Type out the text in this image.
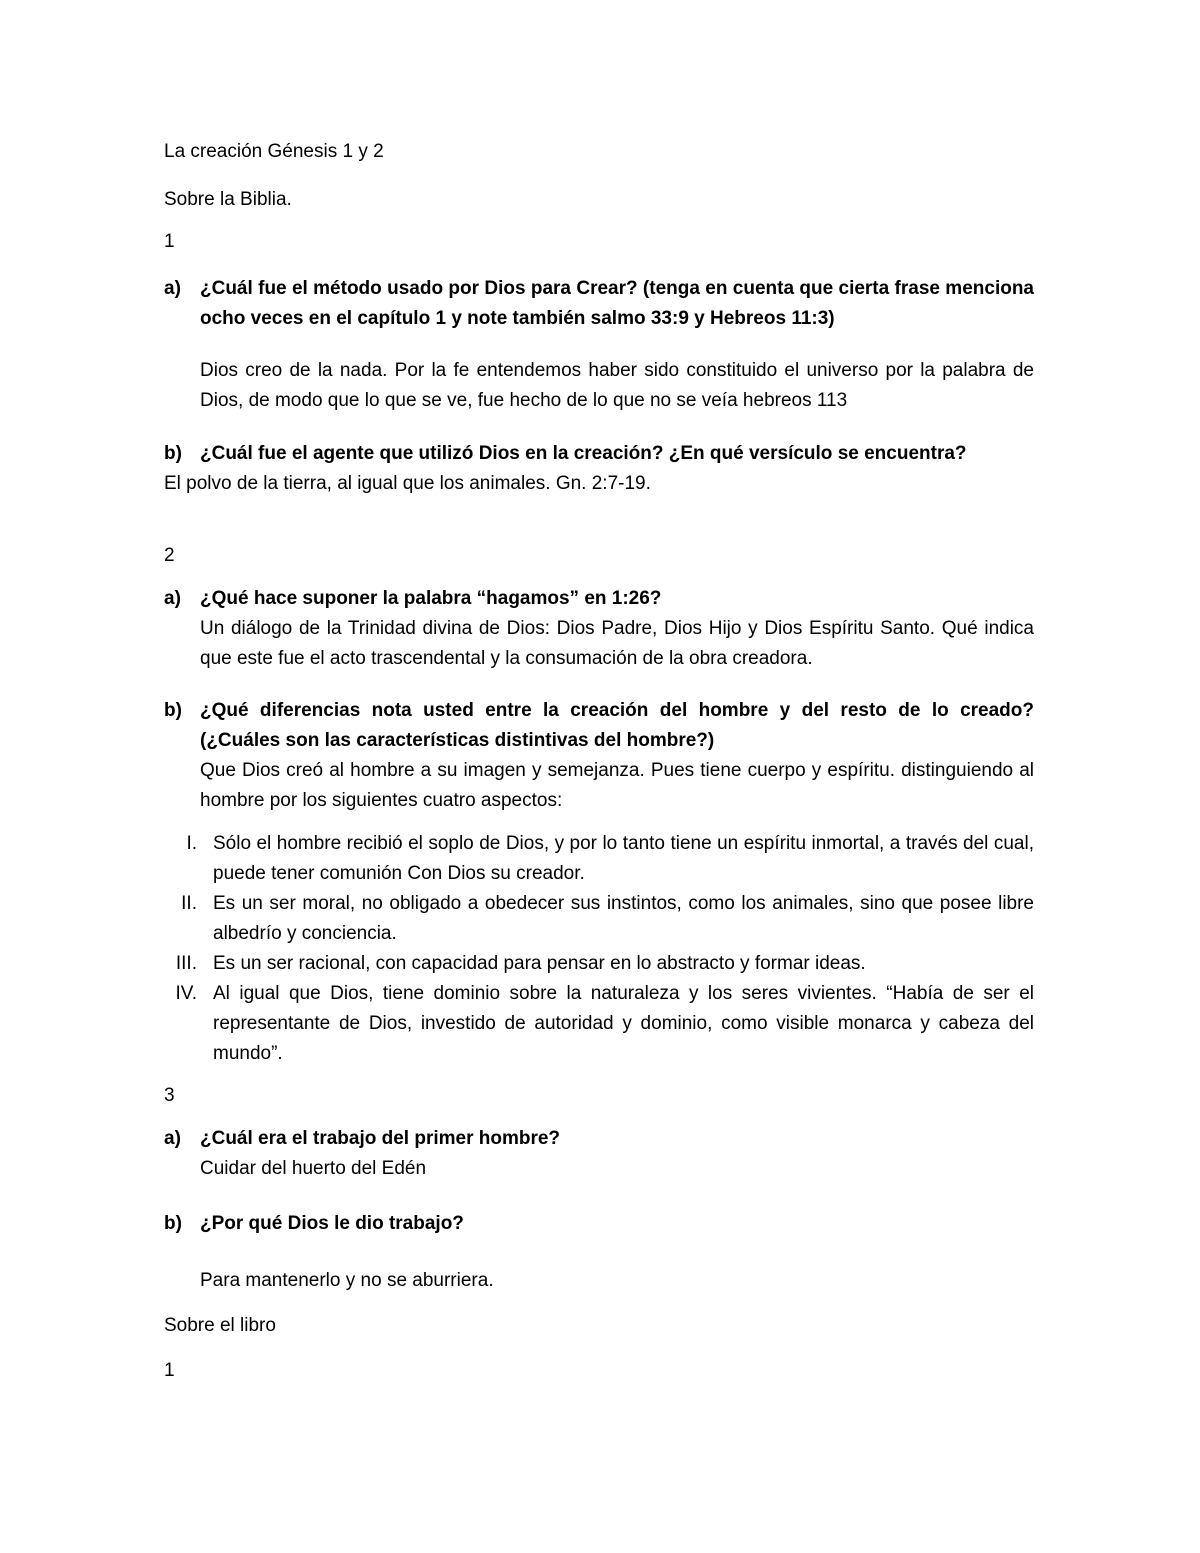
La creación Génesis 1 y 2
Sobre la Biblia.
1
a)	¿Cuál fue el método usado por Dios para Crear? (tenga en cuenta que cierta frase menciona ocho veces en el capítulo 1 y note también salmo 33:9 y Hebreos 11:3)
Dios creo de la nada. Por la fe entendemos haber sido constituido el universo por la palabra de Dios, de modo que lo que se ve, fue hecho de lo que no se veía hebreos 113
b) ¿Cuál fue el agente que utilizó Dios en la creación? ¿En qué versículo se encuentra?
El polvo de la tierra, al igual que los animales. Gn. 2:7-19.
2
a)	¿Qué hace suponer la palabra “hagamos” en 1:26?
Un diálogo de la Trinidad divina de Dios: Dios Padre, Dios Hijo y Dios Espíritu Santo. Qué indica que este fue el acto trascendental y la consumación de la obra creadora.
b) ¿Qué diferencias nota usted entre la creación del hombre y del resto de lo creado? (¿Cuáles son las características distintivas del hombre?)
Que Dios creó al hombre a su imagen y semejanza. Pues tiene cuerpo y espíritu. distinguiendo al hombre por los siguientes cuatro aspectos:
I. Sólo el hombre recibió el soplo de Dios, y por lo tanto tiene un espíritu inmortal, a través del cual, puede tener comunión Con Dios su creador.
II. Es un ser moral, no obligado a obedecer sus instintos, como los animales, sino que posee libre albedrío y conciencia.
III. Es un ser racional, con capacidad para pensar en lo abstracto y formar ideas.
IV. Al igual que Dios, tiene dominio sobre la naturaleza y los seres vivientes. “Había de ser el representante de Dios, investido de autoridad y dominio, como visible monarca y cabeza del mundo”.
3
a)	¿Cuál era el trabajo del primer hombre?
Cuidar del huerto del Edén
b) ¿Por qué Dios le dio trabajo?
Para mantenerlo y no se aburriera.
Sobre el libro
1
